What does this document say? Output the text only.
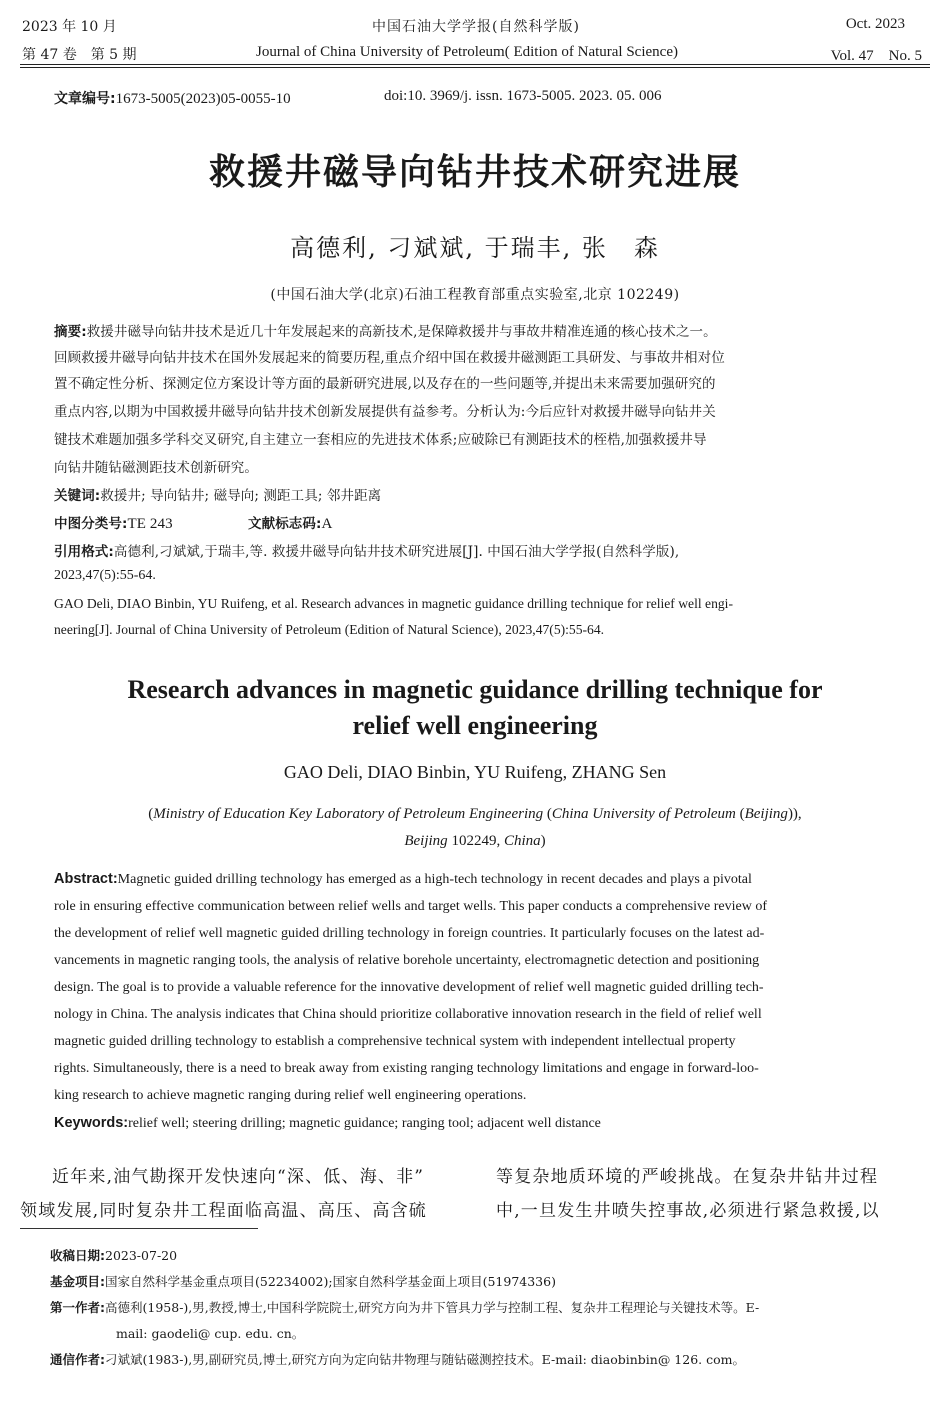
2023 年 10 月
第 47 卷　第 5 期
中国石油大学学报(自然科学版)
Journal of China University of Petroleum( Edition of Natural Science)
Oct. 2023
Vol. 47　No. 5
文章编号:1673-5005(2023)05-0055-10	doi:10. 3969/j. issn. 1673-5005. 2023. 05. 006
救援井磁导向钻井技术研究进展
高德利, 刁斌斌, 于瑞丰, 张　森
(中国石油大学(北京)石油工程教育部重点实验室,北京 102249)
摘要:救援井磁导向钻井技术是近几十年发展起来的高新技术,是保障救援井与事故井精准连通的核心技术之一。
回顾救援井磁导向钻井技术在国外发展起来的简要历程,重点介绍中国在救援井磁测距工具研发、与事故井相对位
置不确定性分析、探测定位方案设计等方面的最新研究进展,以及存在的一些问题等,并提出未来需要加强研究的
重点内容,以期为中国救援井磁导向钻井技术创新发展提供有益参考。分析认为:今后应针对救援井磁导向钻井关
键技术难题加强多学科交叉研究,自主建立一套相应的先进技术体系;应破除已有测距技术的桎梏,加强救援井导
向钻井随钻磁测距技术创新研究。
关键词:救援井; 导向钻井; 磁导向; 测距工具; 邻井距离
中图分类号:TE 243	文献标志码:A
引用格式:高德利,刁斌斌,于瑞丰,等. 救援井磁导向钻井技术研究进展[J]. 中国石油大学学报(自然科学版),
2023,47(5):55-64.
GAO Deli, DIAO Binbin, YU Ruifeng, et al. Research advances in magnetic guidance drilling technique for relief well engi-
neering[J]. Journal of China University of Petroleum (Edition of Natural Science), 2023,47(5):55-64.
Research advances in magnetic guidance drilling technique for
relief well engineering
GAO Deli, DIAO Binbin, YU Ruifeng, ZHANG Sen
(Ministry of Education Key Laboratory of Petroleum Engineering (China University of Petroleum (Beijing)),
Beijing 102249, China)
Abstract:Magnetic guided drilling technology has emerged as a high-tech technology in recent decades and plays a pivotal
role in ensuring effective communication between relief wells and target wells. This paper conducts a comprehensive review of
the development of relief well magnetic guided drilling technology in foreign countries. It particularly focuses on the latest ad-
vancements in magnetic ranging tools, the analysis of relative borehole uncertainty, electromagnetic detection and positioning
design. The goal is to provide a valuable reference for the innovative development of relief well magnetic guided drilling tech-
nology in China. The analysis indicates that China should prioritize collaborative innovation research in the field of relief well
magnetic guided drilling technology to establish a comprehensive technical system with independent intellectual property
rights. Simultaneously, there is a need to break away from existing ranging technology limitations and engage in forward-loo-
king research to achieve magnetic ranging during relief well engineering operations.
Keywords:relief well; steering drilling; magnetic guidance; ranging tool; adjacent well distance
近年来,油气勘探开发快速向“深、低、海、非”
领域发展,同时复杂井工程面临高温、高压、高含硫
等复杂地质环境的严峻挑战。在复杂井钻井过程
中,一旦发生井喷失控事故,必须进行紧急救援,以
收稿日期:2023-07-20
基金项目:国家自然科学基金重点项目(52234002);国家自然科学基金面上项目(51974336)
第一作者:高德利(1958-),男,教授,博士,中国科学院院士,研究方向为井下管具力学与控制工程、复杂井工程理论与关键技术等。E-
mail: gaodeli@ cup. edu. cn。
通信作者:刁斌斌(1983-),男,副研究员,博士,研究方向为定向钻井物理与随钻磁测控技术。E-mail: diaobinbin@ 126. com。
